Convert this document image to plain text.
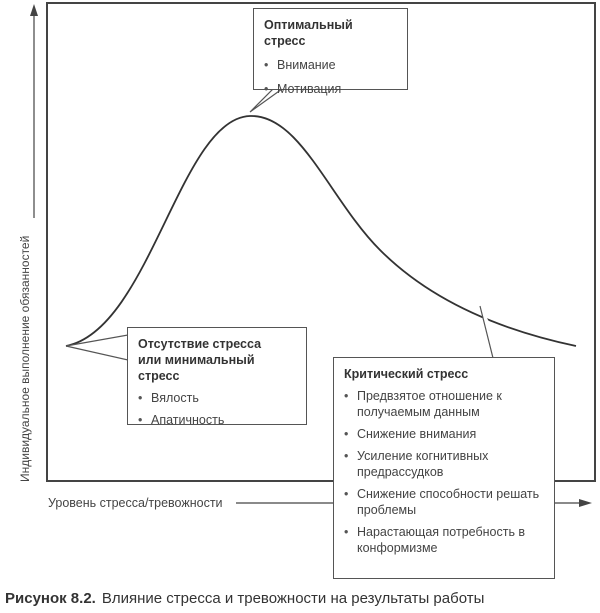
Индивидуальное выполнение обязанностей
Уровень стресса/тревожности
Оптимальный стресс
• Внимание
• Мотивация
Отсутствие стресса
или минимальный стресс
• Вялость
• Апатичность
Критический стресс
• Предвзятое отношение к получаемым данным
• Снижение внимания
• Усиление когнитивных предрассудков
• Снижение способности решать проблемы
• Нарастающая потребность в конформизме
Рисунок 8.2. Влияние стресса и тревожности на результаты работы
